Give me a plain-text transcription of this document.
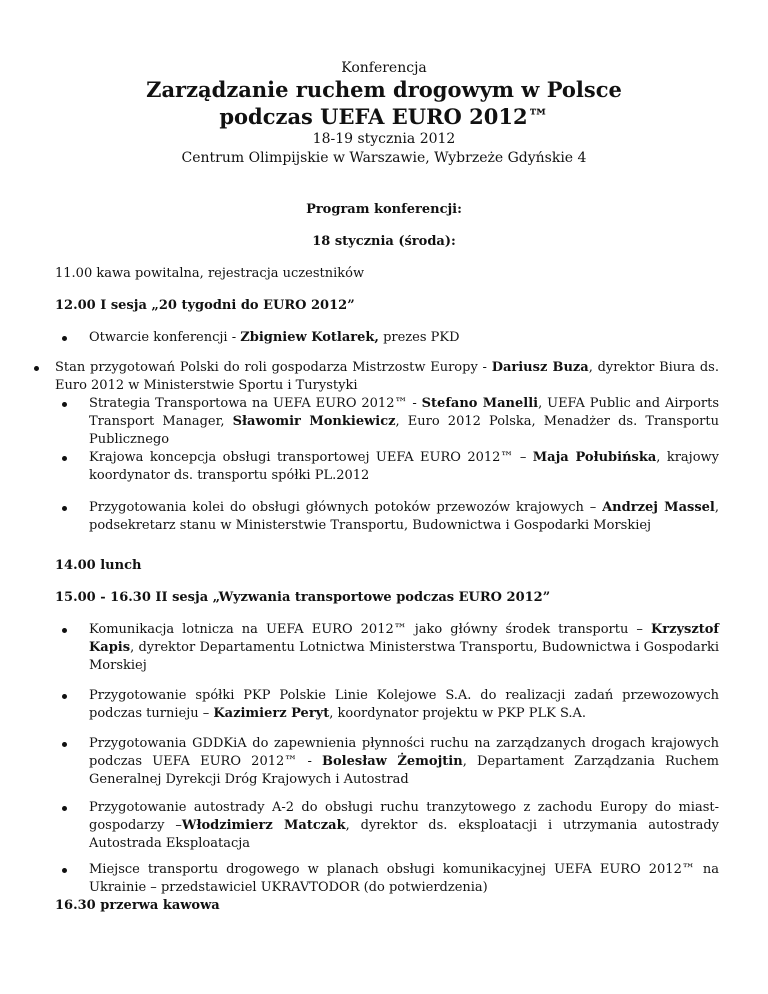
Konferencja
Zarządzanie ruchem drogowym w Polsce
podczas UEFA EURO 2012™
18-19 stycznia 2012
Centrum Olimpijskie w Warszawie, Wybrzeże Gdyńskie 4
Program konferencji:
18 stycznia (środa):
11.00 kawa powitalna, rejestracja uczestników
12.00 I sesja „20 tygodni do EURO 2012”
Otwarcie konferencji - Zbigniew Kotlarek, prezes PKD
Stan przygotowań Polski do roli gospodarza Mistrzostw Europy - Dariusz Buza, dyrektor Biura ds. Euro 2012 w Ministerstwie Sportu i Turystyki
Strategia Transportowa na UEFA EURO 2012™ - Stefano Manelli, UEFA Public and Airports Transport Manager, Sławomir Monkiewicz, Euro 2012 Polska, Menadżer ds. Transportu Publicznego
Krajowa koncepcja obsługi transportowej UEFA EURO 2012™ – Maja Połubińska, krajowy koordynator ds. transportu spółki PL.2012
Przygotowania kolei do obsługi głównych potoków przewozów krajowych – Andrzej Massel, podsekretarz stanu w Ministerstwie Transportu, Budownictwa i Gospodarki Morskiej
14.00 lunch
15.00 - 16.30 II sesja „Wyzwania transportowe podczas EURO 2012”
Komunikacja lotnicza na UEFA EURO 2012™ jako główny środek transportu – Krzysztof Kapis, dyrektor Departamentu Lotnictwa Ministerstwa Transportu, Budownictwa i Gospodarki Morskiej
Przygotowanie spółki PKP Polskie Linie Kolejowe S.A. do realizacji zadań przewozowych podczas turnieju – Kazimierz Peryt, koordynator projektu w PKP PLK S.A.
Przygotowania GDDKiA do zapewnienia płynności ruchu na zarządzanych drogach krajowych podczas UEFA EURO 2012™ - Bolesław Żemojtin, Departament Zarządzania Ruchem Generalnej Dyrekcji Dróg Krajowych i Autostrad
Przygotowanie autostrady A-2 do obsługi ruchu tranzytowego z zachodu Europy do miast-gospodarzy –Włodzimierz Matczak, dyrektor ds. eksploatacji i utrzymania autostrady Autostrada Eksploatacja
Miejsce transportu drogowego w planach obsługi komunikacyjnej UEFA EURO 2012™ na Ukrainie – przedstawiciel UKRAVTODOR (do potwierdzenia)
16.30 przerwa kawowa
